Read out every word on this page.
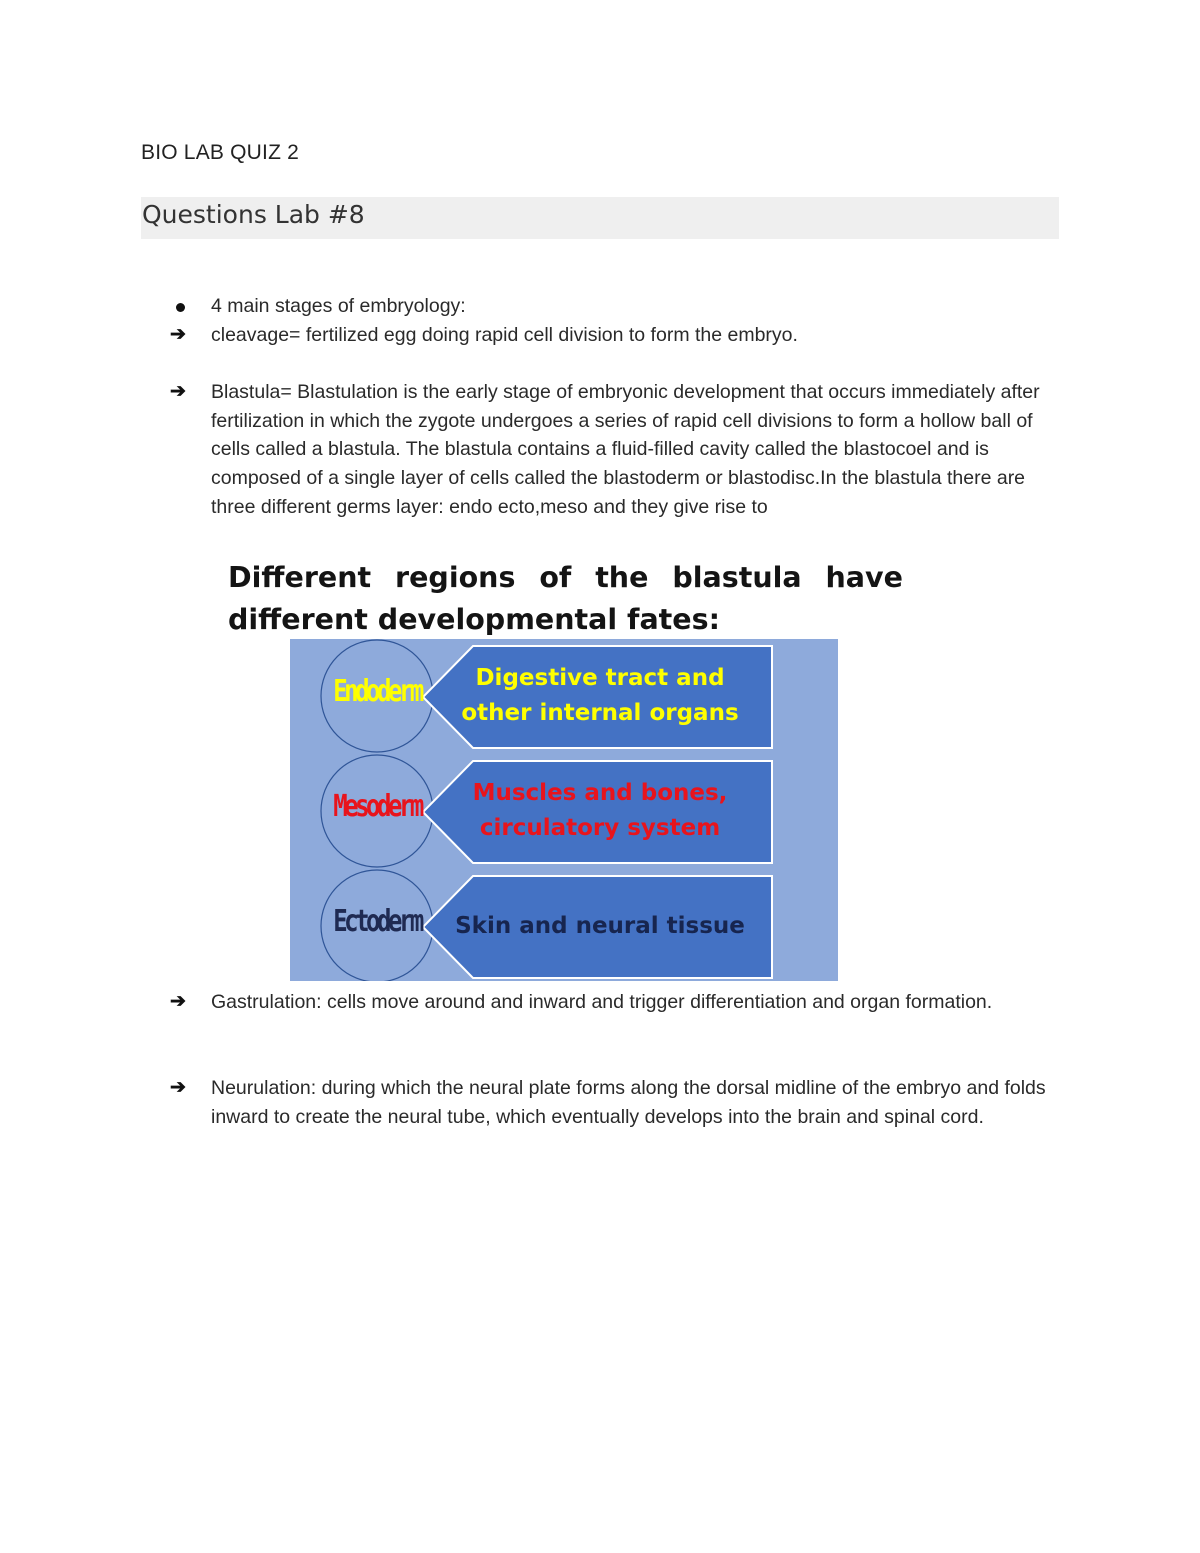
BIO LAB QUIZ 2
Questions Lab #8
4 main stages of embryology:
➔	cleavage= fertilized egg doing rapid cell division to form the embryo.
➔	Blastula= Blastulation is the early stage of embryonic development that occurs immediately after fertilization in which the zygote undergoes a series of rapid cell divisions to form a hollow ball of cells called a blastula. The blastula contains a fluid-filled cavity called the blastocoel and is composed of a single layer of cells called the blastoderm or blastodisc.In the blastula there are three different germs layer: endo ecto,meso and they give rise to
Different regions of the blastula have
different developmental fates:
Endoderm
Mesoderm
Ectoderm
Digestive tract and
other internal organs
Muscles and bones,
circulatory system
Skin and neural tissue
➔	Gastrulation: cells move around and inward and trigger differentiation and organ formation.
➔	Neurulation: during which the neural plate forms along the dorsal midline of the embryo and folds inward to create the neural tube, which eventually develops into the brain and spinal cord.
